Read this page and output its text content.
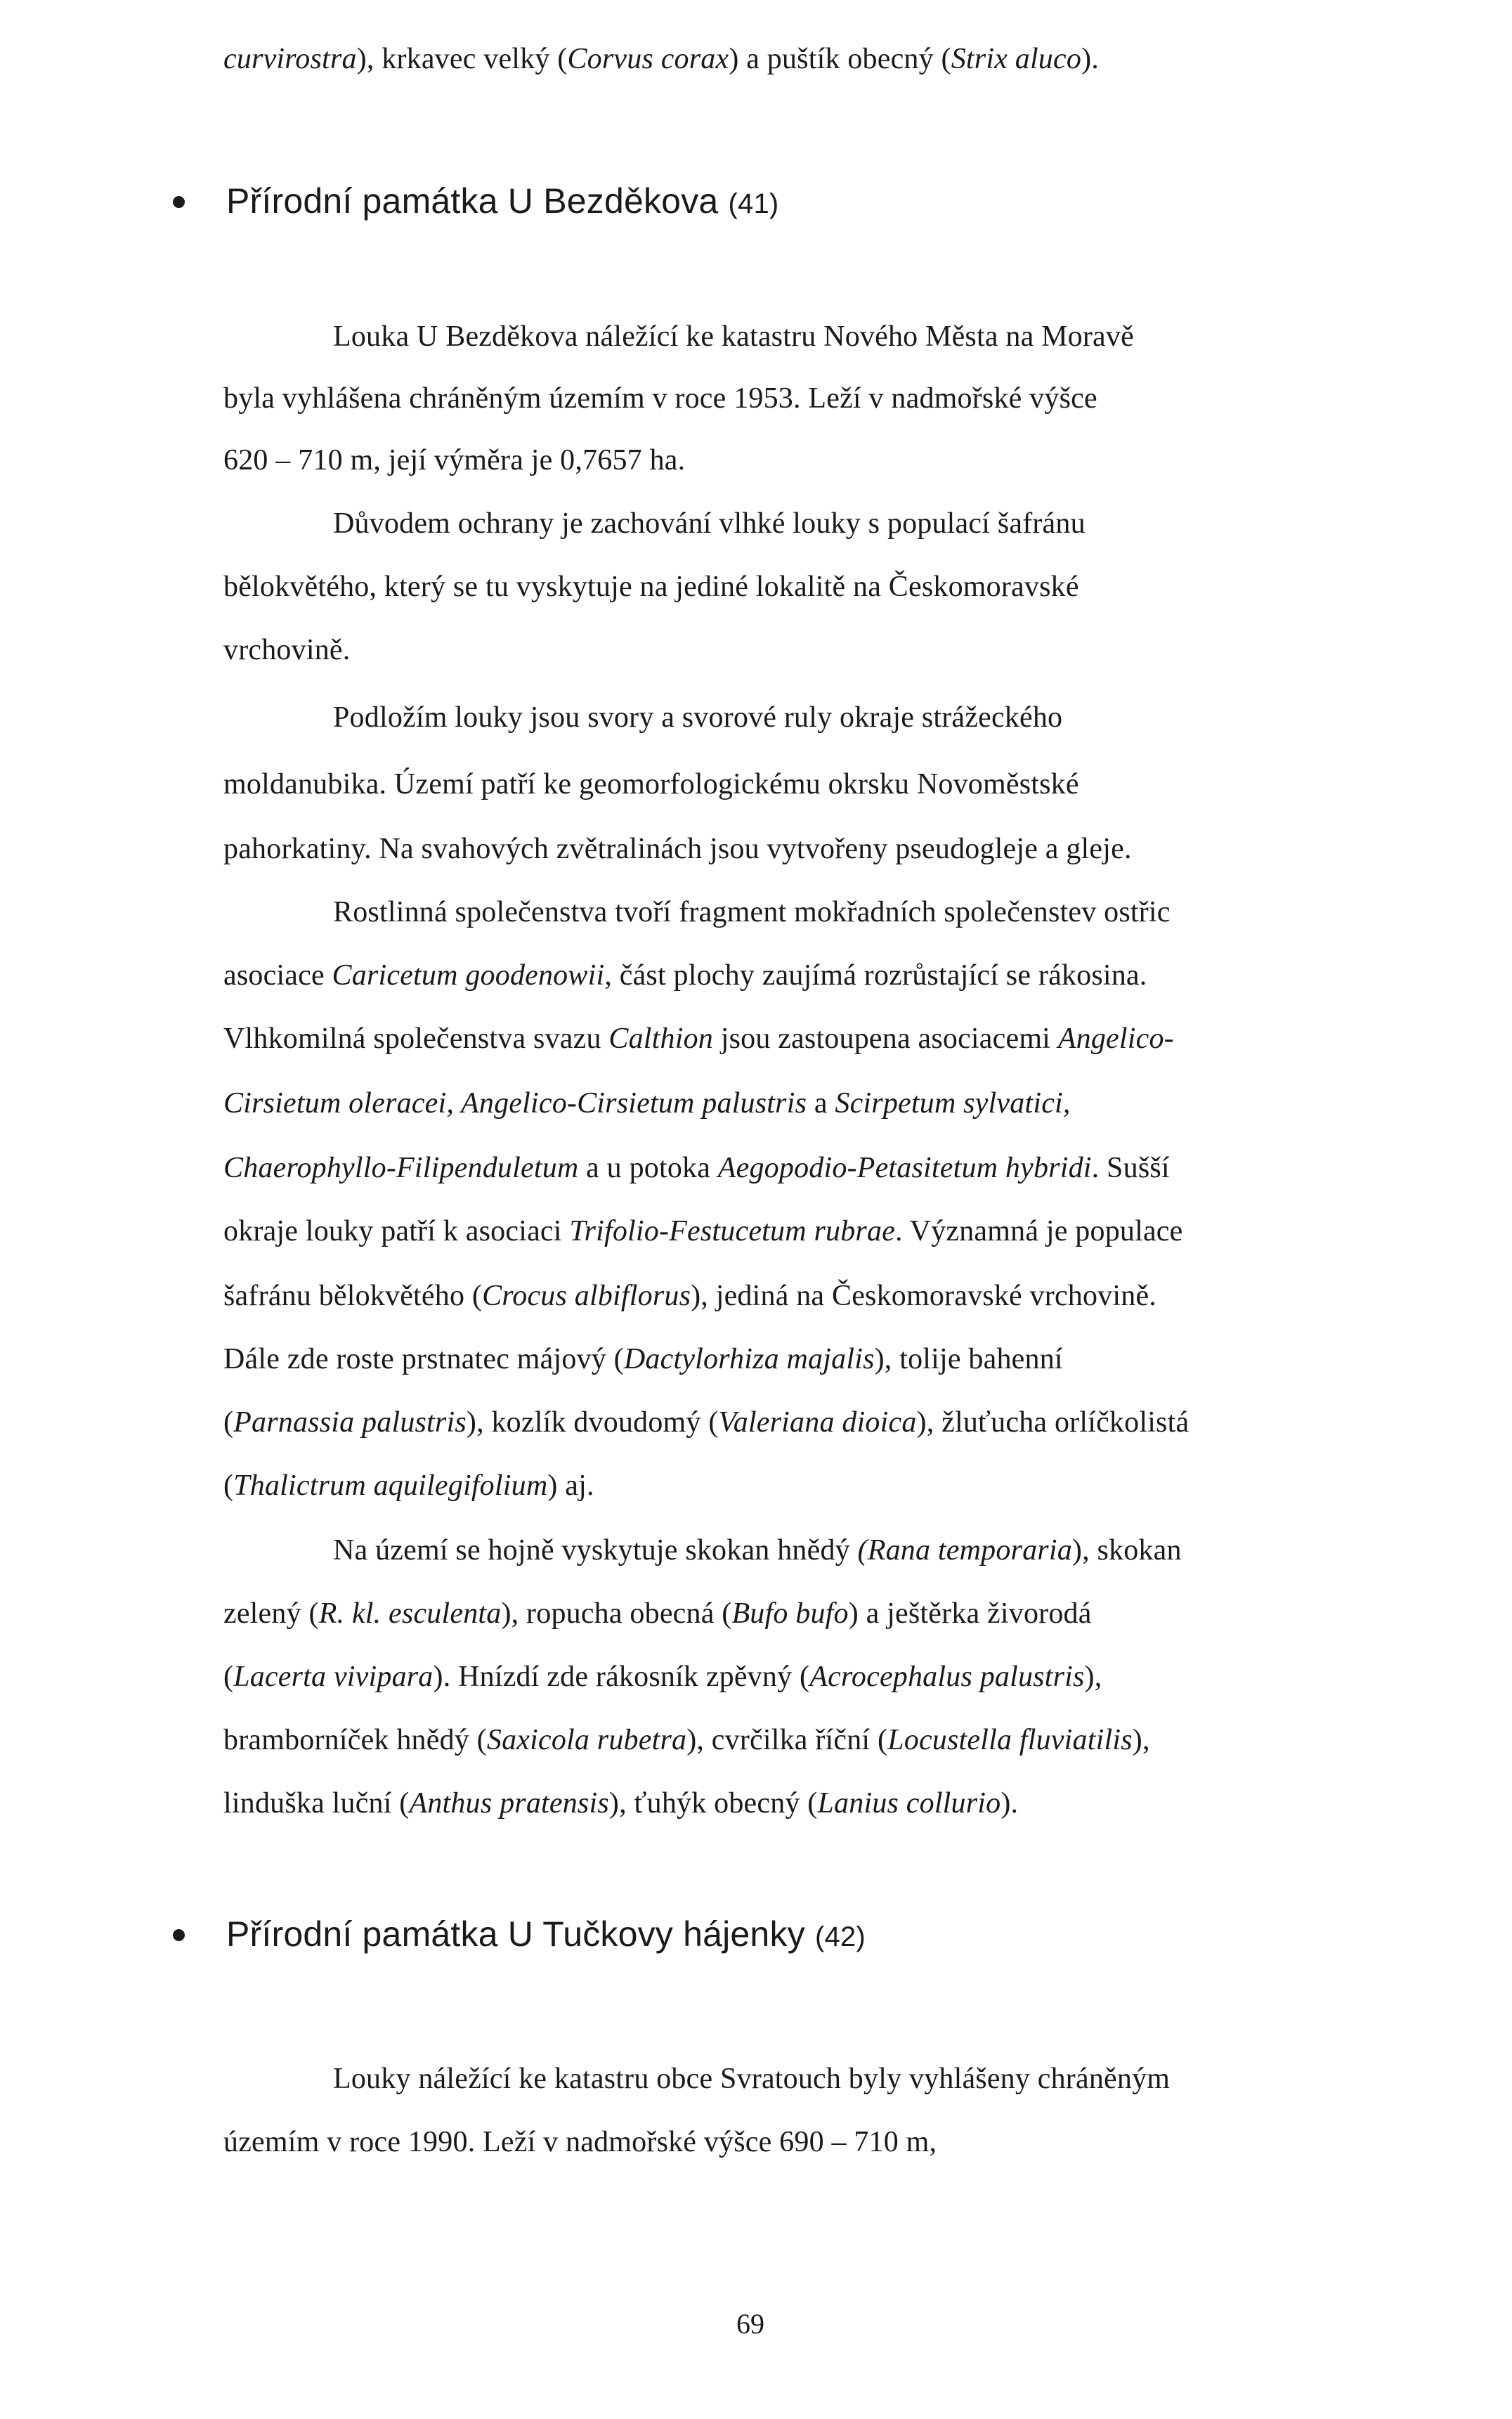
curvirostra), krkavec velký (Corvus corax) a puštík obecný (Strix aluco).
Přírodní památka U Bezděkova (41)
Louka U Bezděkova náležící ke katastru Nového Města na Moravě
byla vyhlášena chráněným územím v roce 1953. Leží v nadmořské výšce
620 – 710 m, její výměra je 0,7657 ha.
Důvodem ochrany je zachování vlhké louky s populací šafránu
bělokvětého, který se tu vyskytuje na jediné lokalitě na Českomoravské
vrchovině.
Podložím louky jsou svory a svorové ruly okraje strážeckého
moldanubika. Území patří ke geomorfologickému okrsku Novoměstské
pahorkatiny. Na svahových zvětralinách jsou vytvořeny pseudogleje a gleje.
Rostlinná společenstva tvoří fragment mokřadních společenstev ostřic
asociace Caricetum goodenowii, část plochy zaujímá rozrůstající se rákosina.
Vlhkomilná společenstva svazu Calthion jsou zastoupena asociacemi Angelico-
Cirsietum oleracei, Angelico-Cirsietum palustris a Scirpetum sylvatici,
Chaerophyllo-Filipenduletum a u potoka Aegopodio-Petasitetum hybridi. Sušší
okraje louky patří k asociaci Trifolio-Festucetum rubrae. Významná je populace
šafránu bělokvětého (Crocus albiflorus), jediná na Českomoravské vrchovině.
Dále zde roste prstnatec májový (Dactylorhiza majalis), tolije bahenní
(Parnassia palustris), kozlík dvoudomý (Valeriana dioica), žluťucha orlíčkolistá
(Thalictrum aquilegifolium) aj.
Na území se hojně vyskytuje skokan hnědý (Rana temporaria), skokan
zelený (R. kl. esculenta), ropucha obecná (Bufo bufo) a ještěrka živorodá
(Lacerta vivipara). Hnízdí zde rákosník zpěvný (Acrocephalus palustris),
bramborníček hnědý (Saxicola rubetra), cvrčilka říční (Locustella fluviatilis),
linduška luční (Anthus pratensis), ťuhýk obecný (Lanius collurio).
Přírodní památka U Tučkovy hájenky (42)
Louky náležící ke katastru obce Svratouch byly vyhlášeny chráněným
územím v roce 1990. Leží v nadmořské výšce 690 – 710 m,
69
